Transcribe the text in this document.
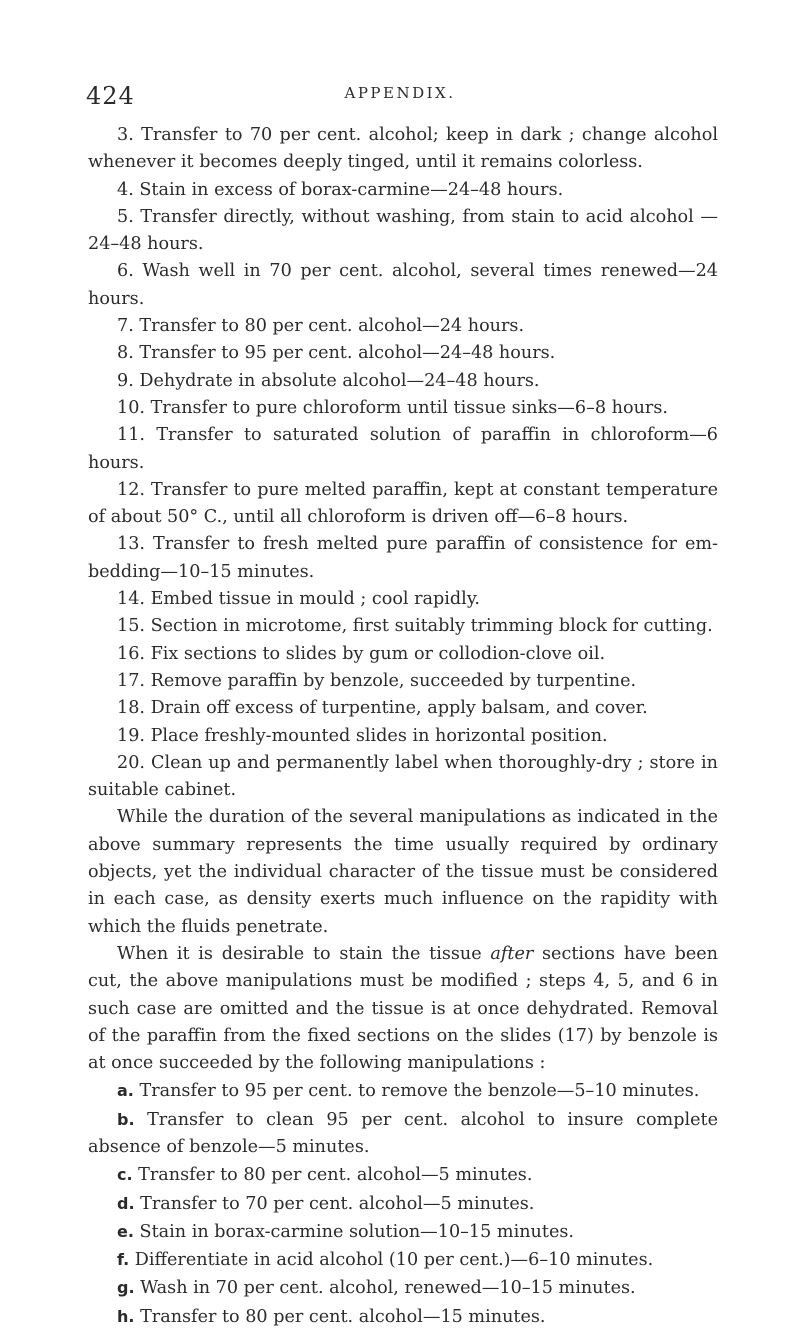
424	APPENDIX.

3. Transfer to 70 per cent. alcohol; keep in dark ; change alcohol whenever it becomes deeply tinged, until it remains colorless.

4. Stain in excess of borax-carmine—24–48 hours.

5. Transfer directly, without washing, from stain to acid alcohol —24–48 hours.

6. Wash well in 70 per cent. alcohol, several times renewed—24 hours.

7. Transfer to 80 per cent. alcohol—24 hours.

8. Transfer to 95 per cent. alcohol—24–48 hours.

9. Dehydrate in absolute alcohol—24–48 hours.

10. Transfer to pure chloroform until tissue sinks—6–8 hours.

11. Transfer to saturated solution of paraffin in chloroform—6 hours.

12. Transfer to pure melted paraffin, kept at constant temperature of about 50° C., until all chloroform is driven off—6–8 hours.

13. Transfer to fresh melted pure paraffin of consistence for em-bedding—10–15 minutes.

14. Embed tissue in mould ; cool rapidly.

15. Section in microtome, first suitably trimming block for cutting.

16. Fix sections to slides by gum or collodion-clove oil.

17. Remove paraffin by benzole, succeeded by turpentine.

18. Drain off excess of turpentine, apply balsam, and cover.

19. Place freshly-mounted slides in horizontal position.

20. Clean up and permanently label when thoroughly-dry ; store in suitable cabinet.

While the duration of the several manipulations as indicated in the above summary represents the time usually required by ordinary objects, yet the individual character of the tissue must be considered in each case, as density exerts much influence on the rapidity with which the fluids penetrate.

When it is desirable to stain the tissue after sections have been cut, the above manipulations must be modified ; steps 4, 5, and 6 in such case are omitted and the tissue is at once dehydrated. Removal of the paraffin from the fixed sections on the slides (17) by benzole is at once succeeded by the following manipulations :

a. Transfer to 95 per cent. to remove the benzole—5–10 minutes.

b. Transfer to clean 95 per cent. alcohol to insure complete absence of benzole—5 minutes.

c. Transfer to 80 per cent. alcohol—5 minutes.

d. Transfer to 70 per cent. alcohol—5 minutes.

e. Stain in borax-carmine solution—10–15 minutes.

f. Differentiate in acid alcohol (10 per cent.)—6–10 minutes.

g. Wash in 70 per cent. alcohol, renewed—10–15 minutes.

h. Transfer to 80 per cent. alcohol—15 minutes.
